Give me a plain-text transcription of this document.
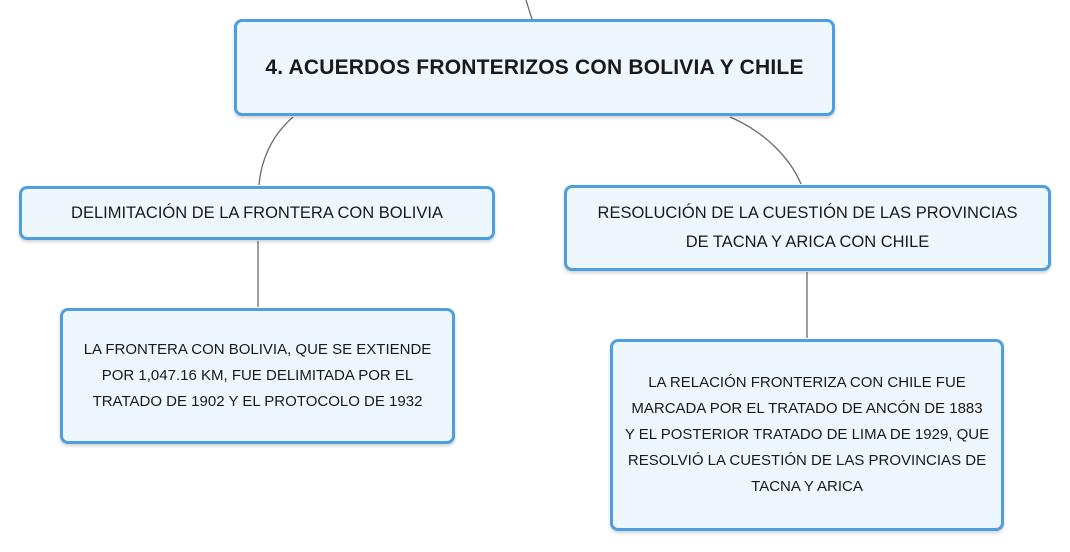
4. ACUERDOS FRONTERIZOS CON BOLIVIA Y CHILE
DELIMITACIÓN DE LA FRONTERA CON BOLIVIA	RESOLUCIÓN DE LA CUESTIÓN DE LAS PROVINCIAS DE TACNA Y ARICA CON CHILE
LA FRONTERA CON BOLIVIA, QUE SE EXTIENDE POR 1,047.16 KM, FUE DELIMITADA POR EL TRATADO DE 1902 Y EL PROTOCOLO DE 1932
LA RELACIÓN FRONTERIZA CON CHILE FUE MARCADA POR EL TRATADO DE ANCÓN DE 1883 Y EL POSTERIOR TRATADO DE LIMA DE 1929, QUE RESOLVIÓ LA CUESTIÓN DE LAS PROVINCIAS DE TACNA Y ARICA
